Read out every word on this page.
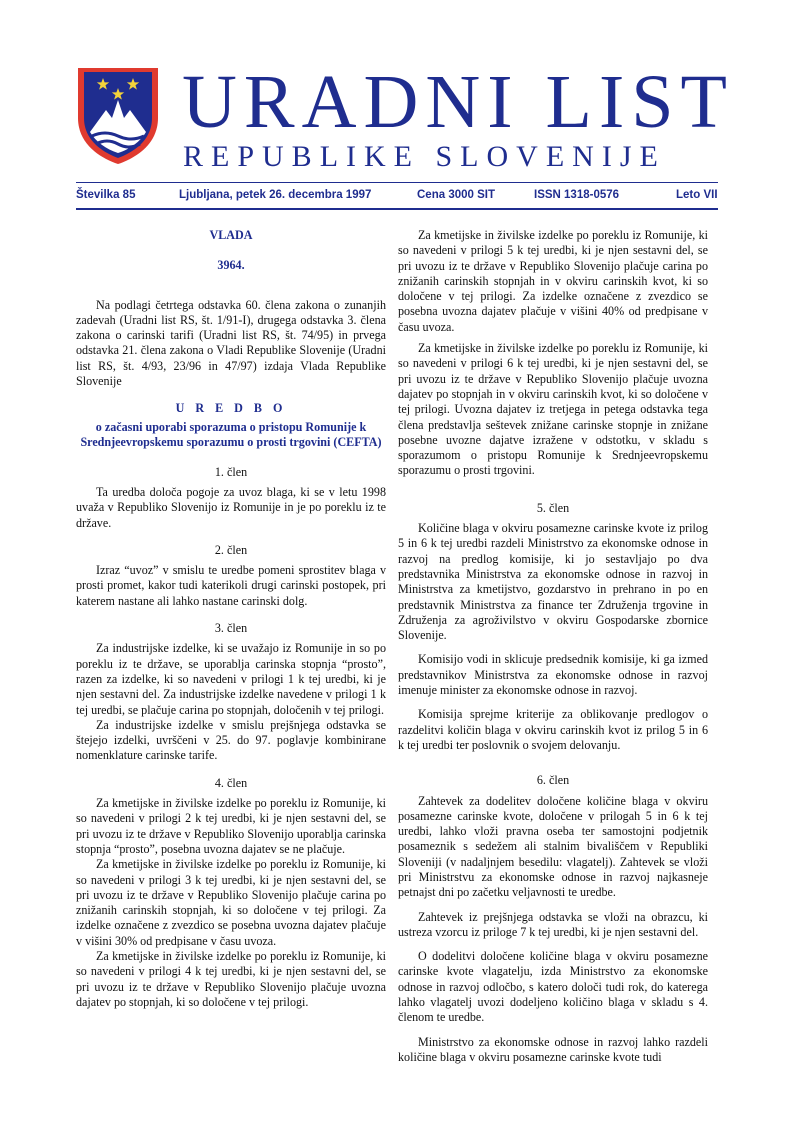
URADNI LIST
REPUBLIKE SLOVENIJE
Številka 85	Ljubljana, petek 26. decembra 1997	Cena 3000 SIT	ISSN 1318-0576	Leto VII
VLADA
3964.

Na podlagi četrtega odstavka 60. člena zakona o zunanjih zadevah (Uradni list RS, št. 1/91-I), drugega odstavka 3. člena zakona o carinski tarifi (Uradni list RS, št. 74/95) in prvega odstavka 21. člena zakona o Vladi Republike Slovenije (Uradni list RS, št. 4/93, 23/96 in 47/97) izdaja Vlada Republike Slovenije

U R E D B O
o začasni uporabi sporazuma o pristopu Romunije k Srednjeevropskemu sporazumu o prosti trgovini (CEFTA)
1. člen

Ta uredba določa pogoje za uvoz blaga, ki se v letu 1998 uvaža v Republiko Slovenijo iz Romunije in je po poreklu iz te države.

2. člen

Izraz “uvoz” v smislu te uredbe pomeni sprostitev blaga v prosti promet, kakor tudi katerikoli drugi carinski postopek, pri katerem nastane ali lahko nastane carinski dolg.

3. člen

Za industrijske izdelke, ki se uvažajo iz Romunije in so po poreklu iz te države, se uporablja carinska stopnja “prosto”, razen za izdelke, ki so navedeni v prilogi 1 k tej uredbi, ki je njen sestavni del. Za industrijske izdelke navedene v prilogi 1 k tej uredbi, se plačuje carina po stopnjah, določenih v tej prilogi.

Za industrijske izdelke v smislu prejšnjega odstavka se štejejo izdelki, uvrščeni v 25. do 97. poglavje kombinirane nomenklature carinske tarife.

4. člen

Za kmetijske in živilske izdelke po poreklu iz Romunije, ki so navedeni v prilogi 2 k tej uredbi, ki je njen sestavni del, se pri uvozu iz te države v Republiko Slovenijo uporablja carinska stopnja “prosto”, posebna uvozna dajatev se ne plačuje.

Za kmetijske in živilske izdelke po poreklu iz Romunije, ki so navedeni v prilogi 3 k tej uredbi, ki je njen sestavni del, se pri uvozu iz te države v Republiko Slovenijo plačuje carina po znižanih carinskih stopnjah, ki so določene v tej prilogi. Za izdelke označene z zvezdico se posebna uvozna dajatev plačuje v višini 30% od predpisane v času uvoza.

Za kmetijske in živilske izdelke po poreklu iz Romunije, ki so navedeni v prilogi 4 k tej uredbi, ki je njen sestavni del, se pri uvozu iz te države v Republiko Slovenijo plačuje uvozna dajatev po stopnjah, ki so določene v tej prilogi.

Za kmetijske in živilske izdelke po poreklu iz Romunije, ki so navedeni v prilogi 5 k tej uredbi, ki je njen sestavni del, se pri uvozu iz te države v Republiko Slovenijo plačuje carina po znižanih carinskih stopnjah in v okviru carinskih kvot, ki so določene v tej prilogi. Za izdelke označene z zvezdico se posebna uvozna dajatev plačuje v višini 40% od predpisane v času uvoza.

Za kmetijske in živilske izdelke po poreklu iz Romunije, ki so navedeni v prilogi 6 k tej uredbi, ki je njen sestavni del, se pri uvozu iz te države v Republiko Slovenijo plačuje uvozna dajatev po stopnjah in v okviru carinskih kvot, ki so določene v tej prilogi. Uvozna dajatev iz tretjega in petega odstavka tega člena predstavlja seštevek znižane carinske stopnje in znižane posebne uvozne dajatve izražene v odstotku, v skladu s sporazumom o pristopu Romunije k Srednjeevropskemu sporazumu o prosti trgovini.

5. člen

Količine blaga v okviru posamezne carinske kvote iz prilog 5 in 6 k tej uredbi razdeli Ministrstvo za ekonomske odnose in razvoj na predlog komisije, ki jo sestavljajo po dva predstavnika Ministrstva za ekonomske odnose in razvoj in Ministrstva za kmetijstvo, gozdarstvo in prehrano in po en predstavnik Ministrstva za finance ter Združenja trgovine in Združenja za agroživilstvo v okviru Gospodarske zbornice Slovenije.

Komisijo vodi in sklicuje predsednik komisije, ki ga izmed predstavnikov Ministrstva za ekonomske odnose in razvoj imenuje minister za ekonomske odnose in razvoj.

Komisija sprejme kriterije za oblikovanje predlogov o razdelitvi količin blaga v okviru carinskih kvot iz prilog 5 in 6 k tej uredbi ter poslovnik o svojem delovanju.

6. člen

Zahtevek za dodelitev določene količine blaga v okviru posamezne carinske kvote, določene v prilogah 5 in 6 k tej uredbi, lahko vloži pravna oseba ter samostojni podjetnik posameznik s sedežem ali stalnim bivališčem v Republiki Sloveniji (v nadaljnjem besedilu: vlagatelj). Zahtevek se vloži pri Ministrstvu za ekonomske odnose in razvoj najkasneje petnajst dni po začetku veljavnosti te uredbe.

Zahtevek iz prejšnjega odstavka se vloži na obrazcu, ki ustreza vzorcu iz priloge 7 k tej uredbi, ki je njen sestavni del.

O dodelitvi določene količine blaga v okviru posamezne carinske kvote vlagatelju, izda Ministrstvo za ekonomske odnose in razvoj odločbo, s katero določi tudi rok, do katerega lahko vlagatelj uvozi dodeljeno količino blaga v skladu s 4. členom te uredbe.

Ministrstvo za ekonomske odnose in razvoj lahko razdeli količine blaga v okviru posamezne carinske kvote tudi
